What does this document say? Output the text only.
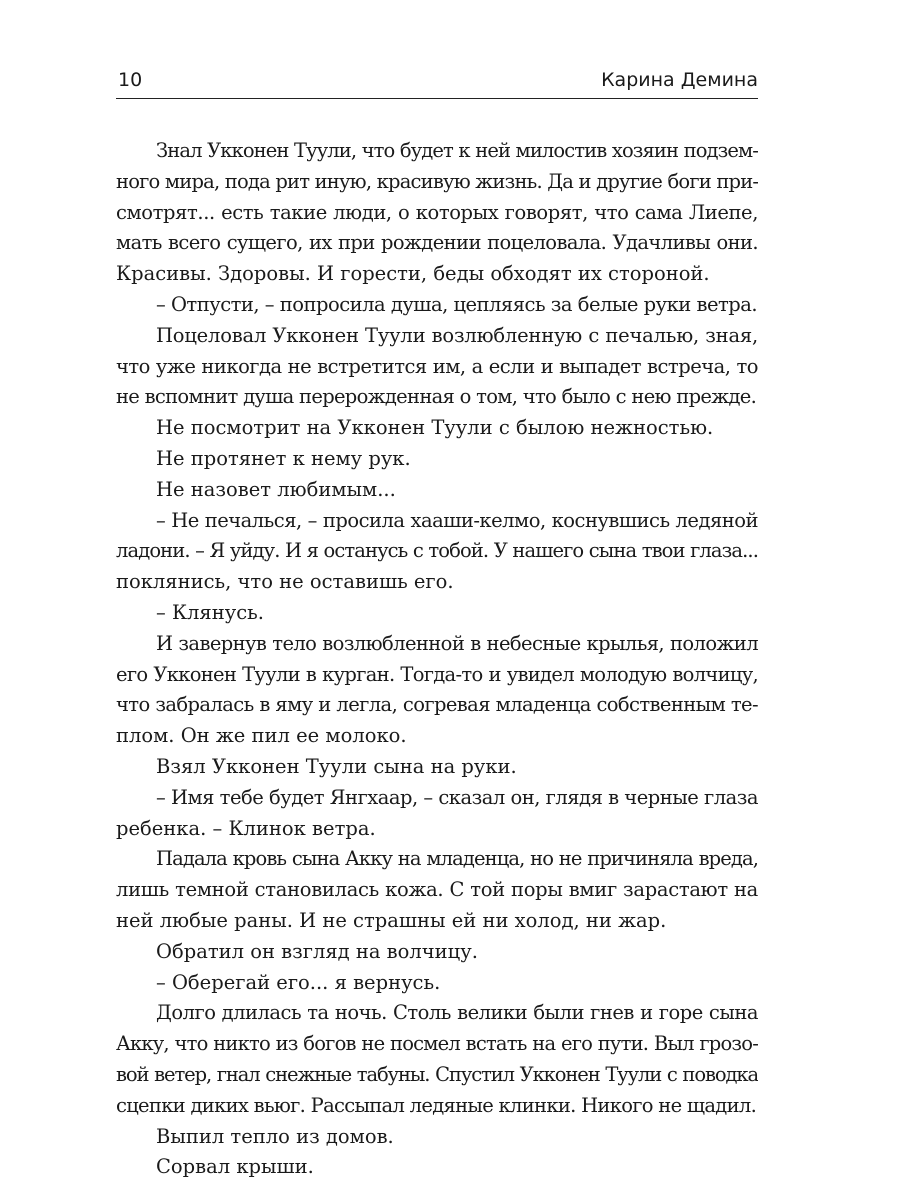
10	Карина Демина
Знал Укконен Туули, что будет к ней милостив хозяин подзем-
ного мира, пода рит иную, красивую жизнь. Да и другие боги при-
смотрят... есть такие люди, о которых говорят, что сама Лиепе,
мать всего сущего, их при рождении поцеловала. Удачливы они.
Красивы. Здоровы. И горести, беды обходят их стороной.
– Отпусти, – попросила душа, цепляясь за белые руки ветра.
Поцеловал Укконен Туули возлюбленную с печалью, зная,
что уже никогда не встретится им, а если и выпадет встреча, то
не вспомнит душа перерожденная о том, что было с нею прежде.
Не посмотрит на Укконен Туули с былою нежностью.
Не протянет к нему рук.
Не назовет любимым...
– Не печалься, – просила хааши-келмо, коснувшись ледяной
ладони. – Я уйду. И я останусь с тобой. У нашего сына твои глаза...
поклянись, что не оставишь его.
– Клянусь.
И завернув тело возлюбленной в небесные крылья, положил
его Укконен Туули в курган. Тогда-то и увидел молодую волчицу,
что забралась в яму и легла, согревая младенца собственным те-
плом. Он же пил ее молоко.
Взял Укконен Туули сына на руки.
– Имя тебе будет Янгхаар, – сказал он, глядя в черные глаза
ребенка. – Клинок ветра.
Падала кровь сына Акку на младенца, но не причиняла вреда,
лишь темной становилась кожа. С той поры вмиг зарастают на
ней любые раны. И не страшны ей ни холод, ни жар.
Обратил он взгляд на волчицу.
– Оберегай его... я вернусь.
Долго длилась та ночь. Столь велики были гнев и горе сына
Акку, что никто из богов не посмел встать на его пути. Выл грозо-
вой ветер, гнал снежные табуны. Спустил Укконен Туули с поводка
сцепки диких вьюг. Рассыпал ледяные клинки. Никого не щадил.
Выпил тепло из домов.
Сорвал крыши.
